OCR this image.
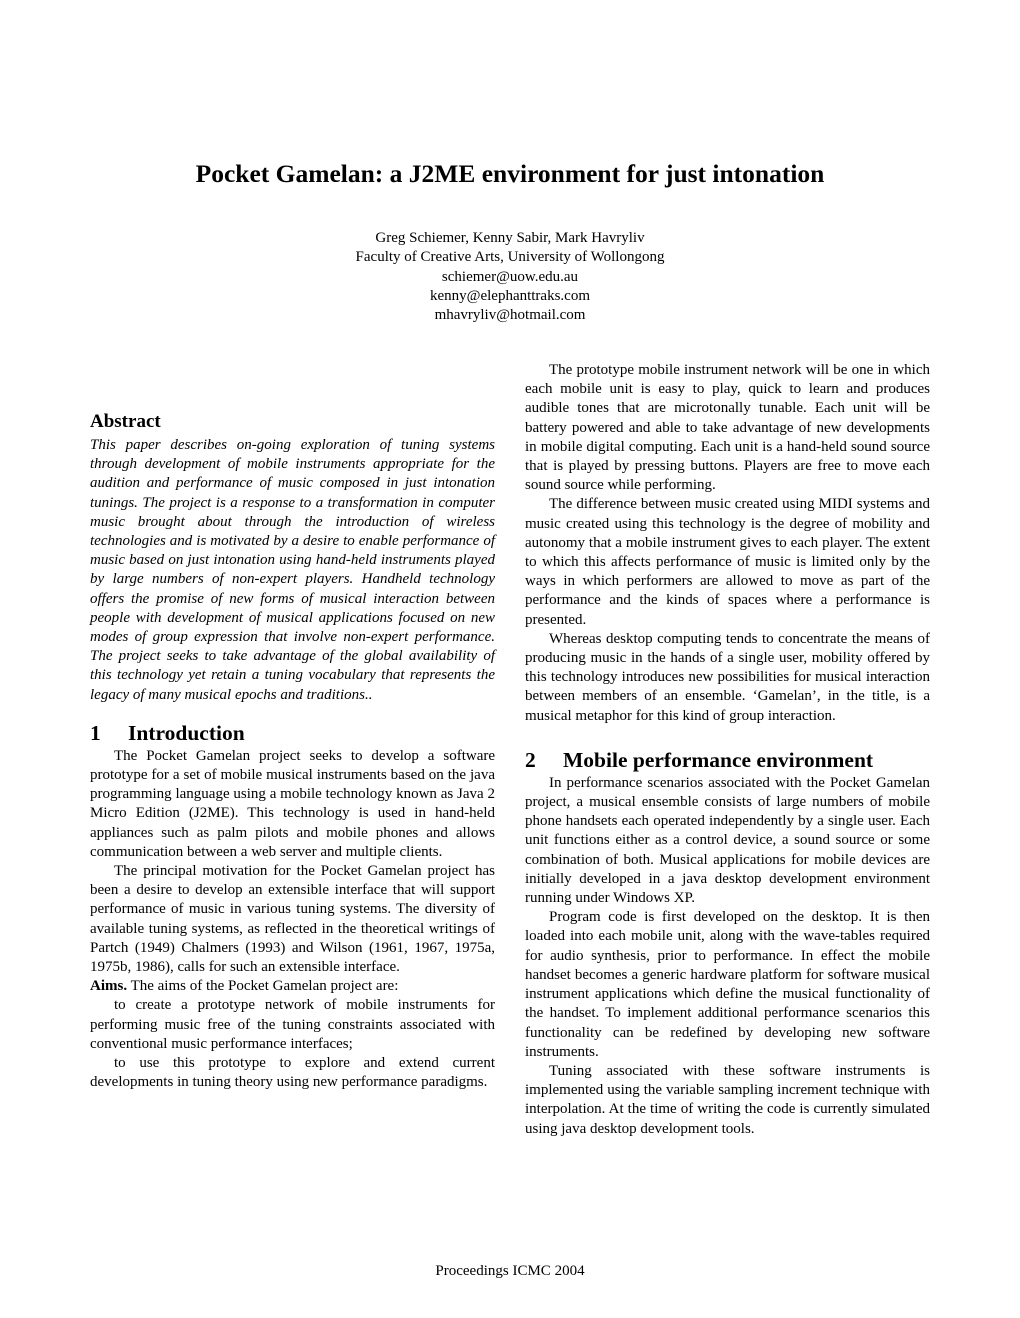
Pocket Gamelan: a J2ME environment for just intonation
Greg Schiemer, Kenny Sabir, Mark Havryliv
Faculty of Creative Arts, University of Wollongong
schiemer@uow.edu.au
kenny@elephanttraks.com
mhavryliv@hotmail.com
Abstract

This paper describes on-going exploration of tuning systems through development of mobile instruments appropriate for the audition and performance of music composed in just intonation tunings. The project is a response to a transformation in computer music brought about through the introduction of wireless technologies and is motivated by a desire to enable performance of music based on just intonation using hand-held instruments played by large numbers of non-expert players. Handheld technology offers the promise of new forms of musical interaction between people with development of musical applications focused on new modes of group expression that involve non-expert performance. The project seeks to take advantage of the global availability of this technology yet retain a tuning vocabulary that represents the legacy of many musical epochs and traditions..

1 Introduction

The Pocket Gamelan project seeks to develop a software prototype for a set of mobile musical instruments based on the java programming language using a mobile technology known as Java 2 Micro Edition (J2ME). This technology is used in hand-held appliances such as palm pilots and mobile phones and allows communication between a web server and multiple clients.

The principal motivation for the Pocket Gamelan project has been a desire to develop an extensible interface that will support performance of music in various tuning systems. The diversity of available tuning systems, as reflected in the theoretical writings of Partch (1949) Chalmers (1993) and Wilson (1961, 1967, 1975a, 1975b, 1986), calls for such an extensible interface.

Aims. The aims of the Pocket Gamelan project are:

to create a prototype network of mobile instruments for performing music free of the tuning constraints associated with conventional music performance interfaces;

to use this prototype to explore and extend current developments in tuning theory using new performance paradigms.

The prototype mobile instrument network will be one in which each mobile unit is easy to play, quick to learn and produces audible tones that are microtonally tunable. Each unit will be battery powered and able to take advantage of new developments in mobile digital computing. Each unit is a hand-held sound source that is played by pressing buttons. Players are free to move each sound source while performing.

The difference between music created using MIDI systems and music created using this technology is the degree of mobility and autonomy that a mobile instrument gives to each player. The extent to which this affects performance of music is limited only by the ways in which performers are allowed to move as part of the performance and the kinds of spaces where a performance is presented.

Whereas desktop computing tends to concentrate the means of producing music in the hands of a single user, mobility offered by this technology introduces new possibilities for musical interaction between members of an ensemble. ‘Gamelan’, in the title, is a musical metaphor for this kind of group interaction.

2 Mobile performance environment

In performance scenarios associated with the Pocket Gamelan project, a musical ensemble consists of large numbers of mobile phone handsets each operated independently by a single user. Each unit functions either as a control device, a sound source or some combination of both. Musical applications for mobile devices are initially developed in a java desktop development environment running under Windows XP.

Program code is first developed on the desktop. It is then loaded into each mobile unit, along with the wave-tables required for audio synthesis, prior to performance. In effect the mobile handset becomes a generic hardware platform for software musical instrument applications which define the musical functionality of the handset. To implement additional performance scenarios this functionality can be redefined by developing new software instruments.

Tuning associated with these software instruments is implemented using the variable sampling increment technique with interpolation. At the time of writing the code is currently simulated using java desktop development tools.

Proceedings ICMC 2004
